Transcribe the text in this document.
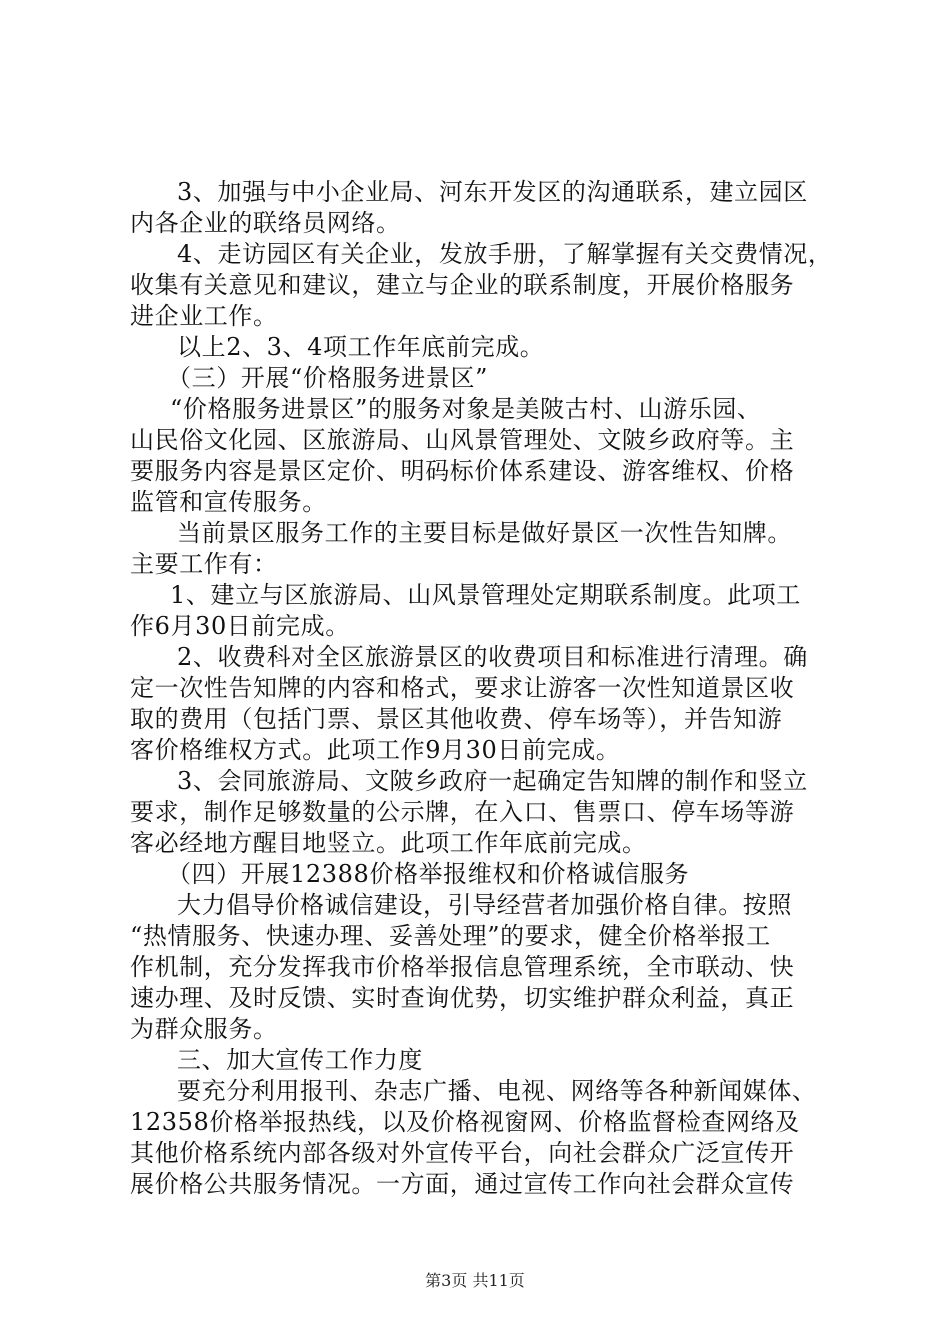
3、加强与中小企业局、河东开发区的沟通联系，建立园区
内各企业的联络员网络。
4、走访园区有关企业，发放手册，了解掌握有关交费情况，
收集有关意见和建议，建立与企业的联系制度，开展价格服务
进企业工作。
以上2、3、4项工作年底前完成。
（三）开展“价格服务进景区”
“价格服务进景区”的服务对象是美陂古村、山游乐园、
山民俗文化园、区旅游局、山风景管理处、文陂乡政府等。主
要服务内容是景区定价、明码标价体系建设、游客维权、价格
监管和宣传服务。
当前景区服务工作的主要目标是做好景区一次性告知牌。
主要工作有：
1、建立与区旅游局、山风景管理处定期联系制度。此项工
作6月30日前完成。
2、收费科对全区旅游景区的收费项目和标准进行清理。确
定一次性告知牌的内容和格式，要求让游客一次性知道景区收
取的费用（包括门票、景区其他收费、停车场等），并告知游
客价格维权方式。此项工作9月30日前完成。
3、会同旅游局、文陂乡政府一起确定告知牌的制作和竖立
要求，制作足够数量的公示牌，在入口、售票口、停车场等游
客必经地方醒目地竖立。此项工作年底前完成。
（四）开展12388价格举报维权和价格诚信服务
大力倡导价格诚信建设，引导经营者加强价格自律。按照
“热情服务、快速办理、妥善处理”的要求，健全价格举报工
作机制，充分发挥我市价格举报信息管理系统，全市联动、快
速办理、及时反馈、实时查询优势，切实维护群众利益，真正
为群众服务。
三、加大宣传工作力度
要充分利用报刊、杂志广播、电视、网络等各种新闻媒体、
12358价格举报热线，以及价格视窗网、价格监督检查网络及
其他价格系统内部各级对外宣传平台，向社会群众广泛宣传开
展价格公共服务情况。一方面，通过宣传工作向社会群众宣传
第3页 共11页
